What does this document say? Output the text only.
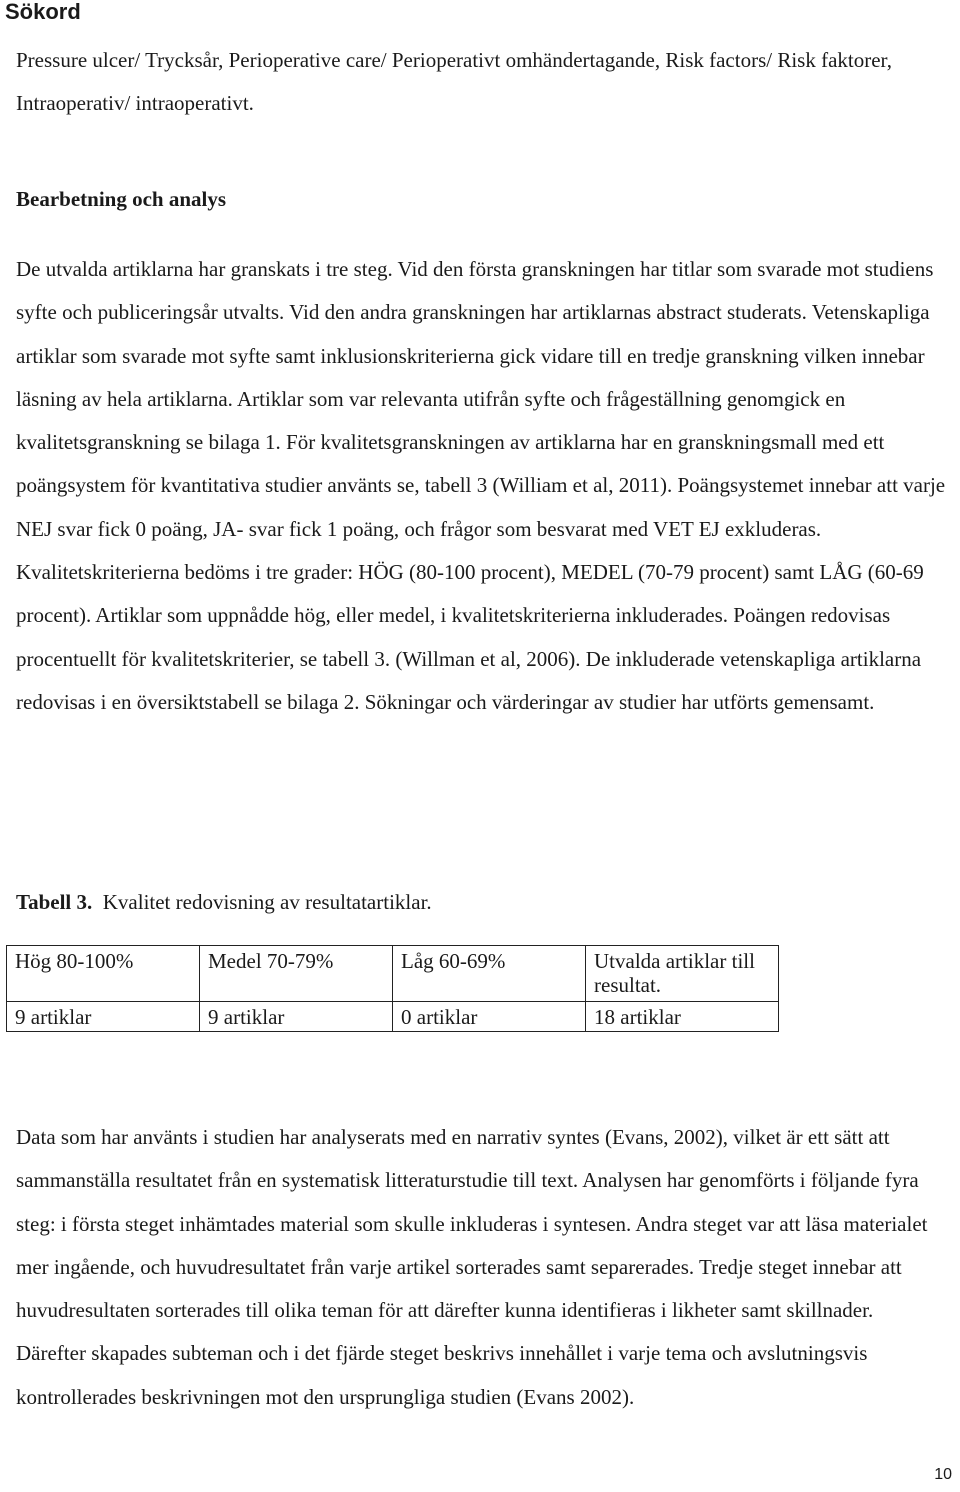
Sökord

Pressure ulcer/ Trycksår, Perioperative care/ Perioperativt omhändertagande, Risk factors/ Risk faktorer, Intraoperativ/ intraoperativt.

Bearbetning och analys

De utvalda artiklarna har granskats i tre steg. Vid den första granskningen har titlar som svarade mot studiens syfte och publiceringsår utvalts. Vid den andra granskningen har artiklarnas abstract studerats. Vetenskapliga artiklar som svarade mot syfte samt inklusionskriterierna gick vidare till en tredje granskning vilken innebar läsning av hela artiklarna. Artiklar som var relevanta utifrån syfte och frågeställning genomgick en kvalitetsgranskning se bilaga 1. För kvalitetsgranskningen av artiklarna har en granskningsmall med ett poängsystem för kvantitativa studier använts se, tabell 3 (William et al, 2011). Poängsystemet innebar att varje NEJ svar fick 0 poäng, JA- svar fick 1 poäng, och frågor som besvarat med VET EJ exkluderas. Kvalitetskriterierna bedöms i tre grader: HÖG (80-100 procent), MEDEL (70-79 procent) samt LÅG (60-69 procent). Artiklar som uppnådde hög, eller medel, i kvalitetskriterierna inkluderades. Poängen redovisas procentuellt för kvalitetskriterier, se tabell 3. (Willman et al, 2006). De inkluderade vetenskapliga artiklarna redovisas i en översiktstabell se bilaga 2. Sökningar och värderingar av studier har utförts gemensamt.

Tabell 3. Kvalitet redovisning av resultatartiklar.

Hög 80-100%	Medel 70-79%	Låg 60-69%	Utvalda artiklar till resultat.
9 artiklar	9 artiklar	0 artiklar	18 artiklar

Data som har använts i studien har analyserats med en narrativ syntes (Evans, 2002), vilket är ett sätt att sammanställa resultatet från en systematisk litteraturstudie till text. Analysen har genomförts i följande fyra steg: i första steget inhämtades material som skulle inkluderas i syntesen. Andra steget var att läsa materialet mer ingående, och huvudresultatet från varje artikel sorterades samt separerades. Tredje steget innebar att huvudresultaten sorterades till olika teman för att därefter kunna identifieras i likheter samt skillnader. Därefter skapades subteman och i det fjärde steget beskrivs innehållet i varje tema och avslutningsvis kontrollerades beskrivningen mot den ursprungliga studien (Evans 2002).

10
